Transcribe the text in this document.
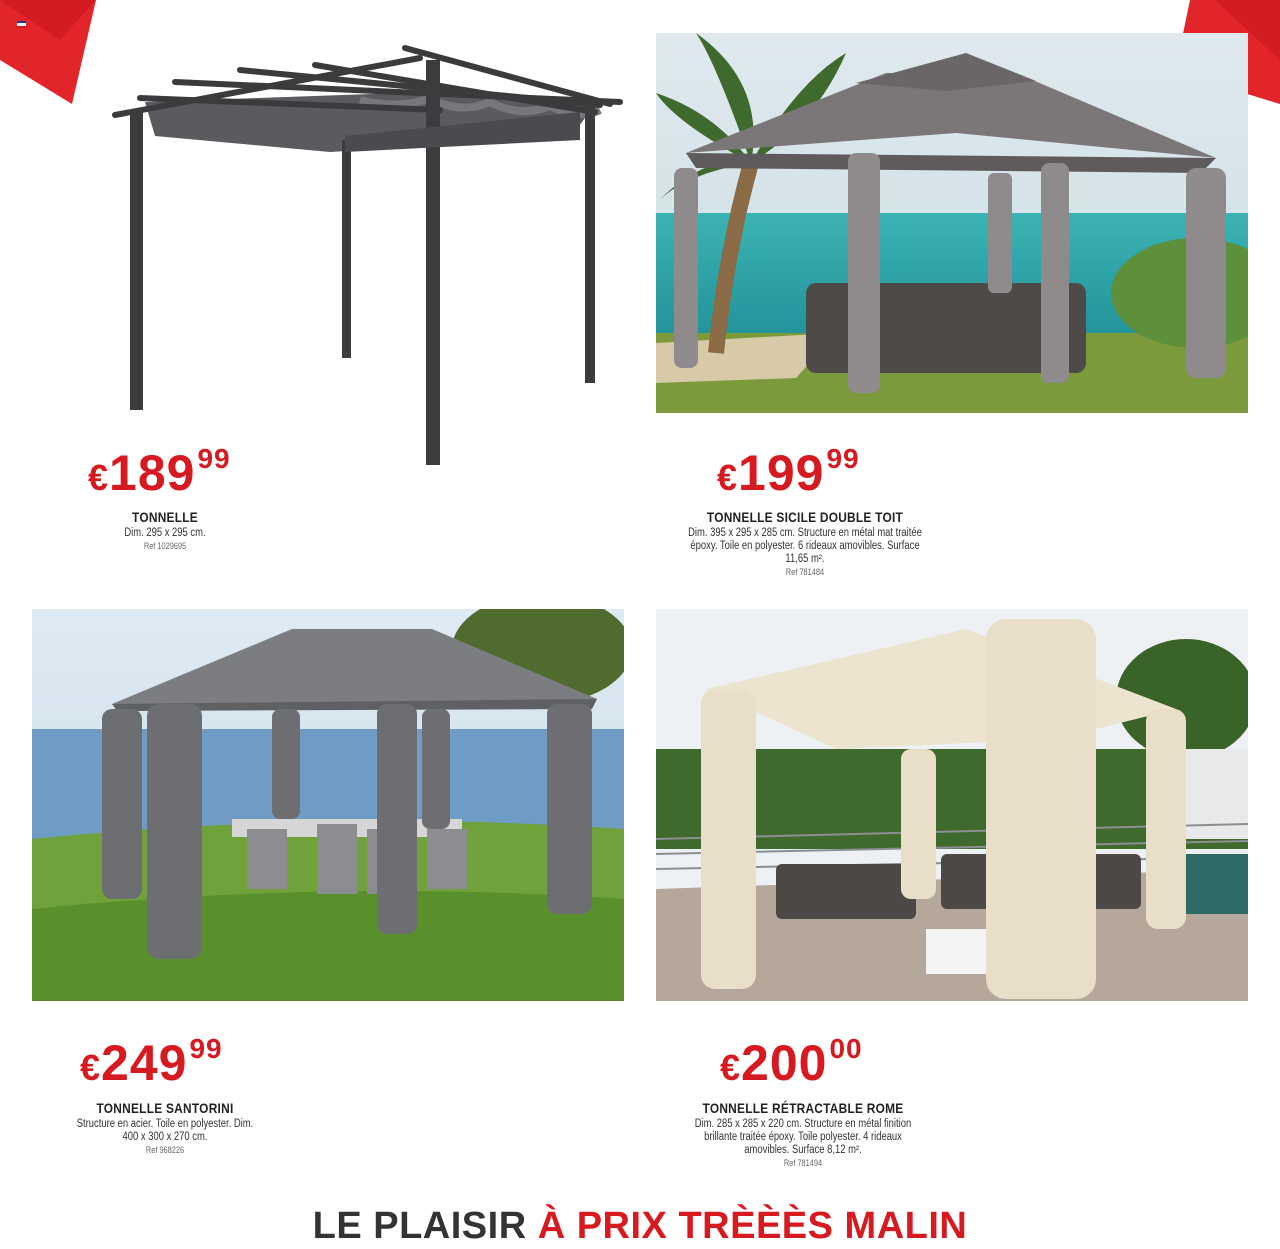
€18999	€19999
€24999	€20000
TONNELLE
Dim. 295 x 295 cm.
Ref 1029695
TONNELLE SICILE DOUBLE TOIT
Dim. 395 x 295 x 285 cm. Structure en métal mat traitée époxy. Toile en polyester. 6 rideaux amovibles. Surface 11,65 m².
Ref 781484
TONNELLE SANTORINI
Structure en acier. Toile en polyester. Dim. 400 x 300 x 270 cm.
Ref 968226
TONNELLE RÉTRACTABLE ROME
Dim. 285 x 285 x 220 cm. Structure en métal finition brillante traitée époxy. Toile polyester. 4 rideaux amovibles. Surface 8,12 m².
Ref 781494
LE PLAISIR À PRIX TRÈÈÈS MALIN
